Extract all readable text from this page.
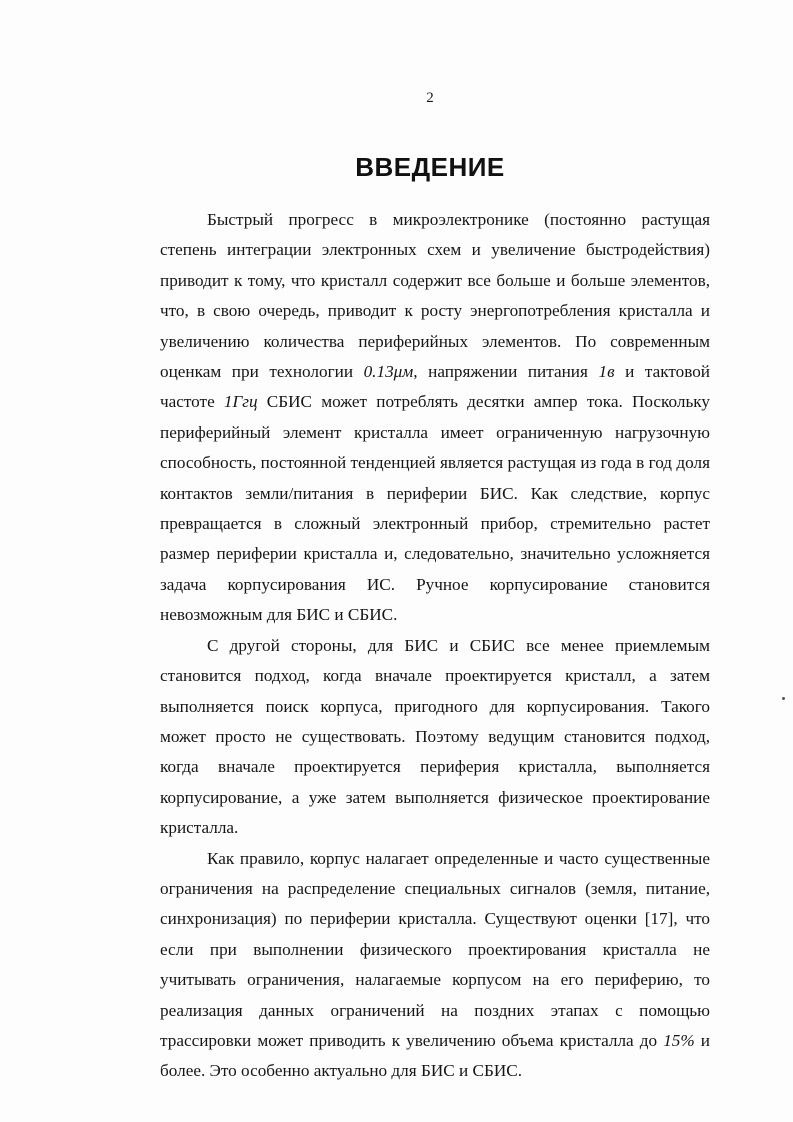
2
ВВЕДЕНИЕ

Быстрый прогресс в микроэлектронике (постоянно растущая степень интеграции электронных схем и увеличение быстродействия) приводит к тому, что кристалл содержит все больше и больше элементов, что, в свою очередь, приводит к росту энергопотребления кристалла и увеличению количества периферийных элементов. По современным оценкам при технологии 0.13μм, напряжении питания 1в и тактовой частоте 1Ггц СБИС может потреблять десятки ампер тока. Поскольку периферийный элемент кристалла имеет ограниченную нагрузочную способность, постоянной тенденцией является растущая из года в год доля контактов земли/питания в периферии БИС. Как следствие, корпус превращается в сложный электронный прибор, стремительно растет размер периферии кристалла и, следовательно, значительно усложняется задача корпусирования ИС. Ручное корпусирование становится невозможным для БИС и СБИС.

С другой стороны, для БИС и СБИС все менее приемлемым становится подход, когда вначале проектируется кристалл, а затем выполняется поиск корпуса, пригодного для корпусирования. Такого может просто не существовать. Поэтому ведущим становится подход, когда вначале проектируется периферия кристалла, выполняется корпусирование, а уже затем выполняется физическое проектирование кристалла.

Как правило, корпус налагает определенные и часто существенные ограничения на распределение специальных сигналов (земля, питание, синхронизация) по периферии кристалла. Существуют оценки [17], что если при выполнении физического проектирования кристалла не учитывать ограничения, налагаемые корпусом на его периферию, то реализация данных ограничений на поздних этапах с помощью трассировки может приводить к увеличению объема кристалла до 15% и более. Это особенно актуально для БИС и СБИС.
